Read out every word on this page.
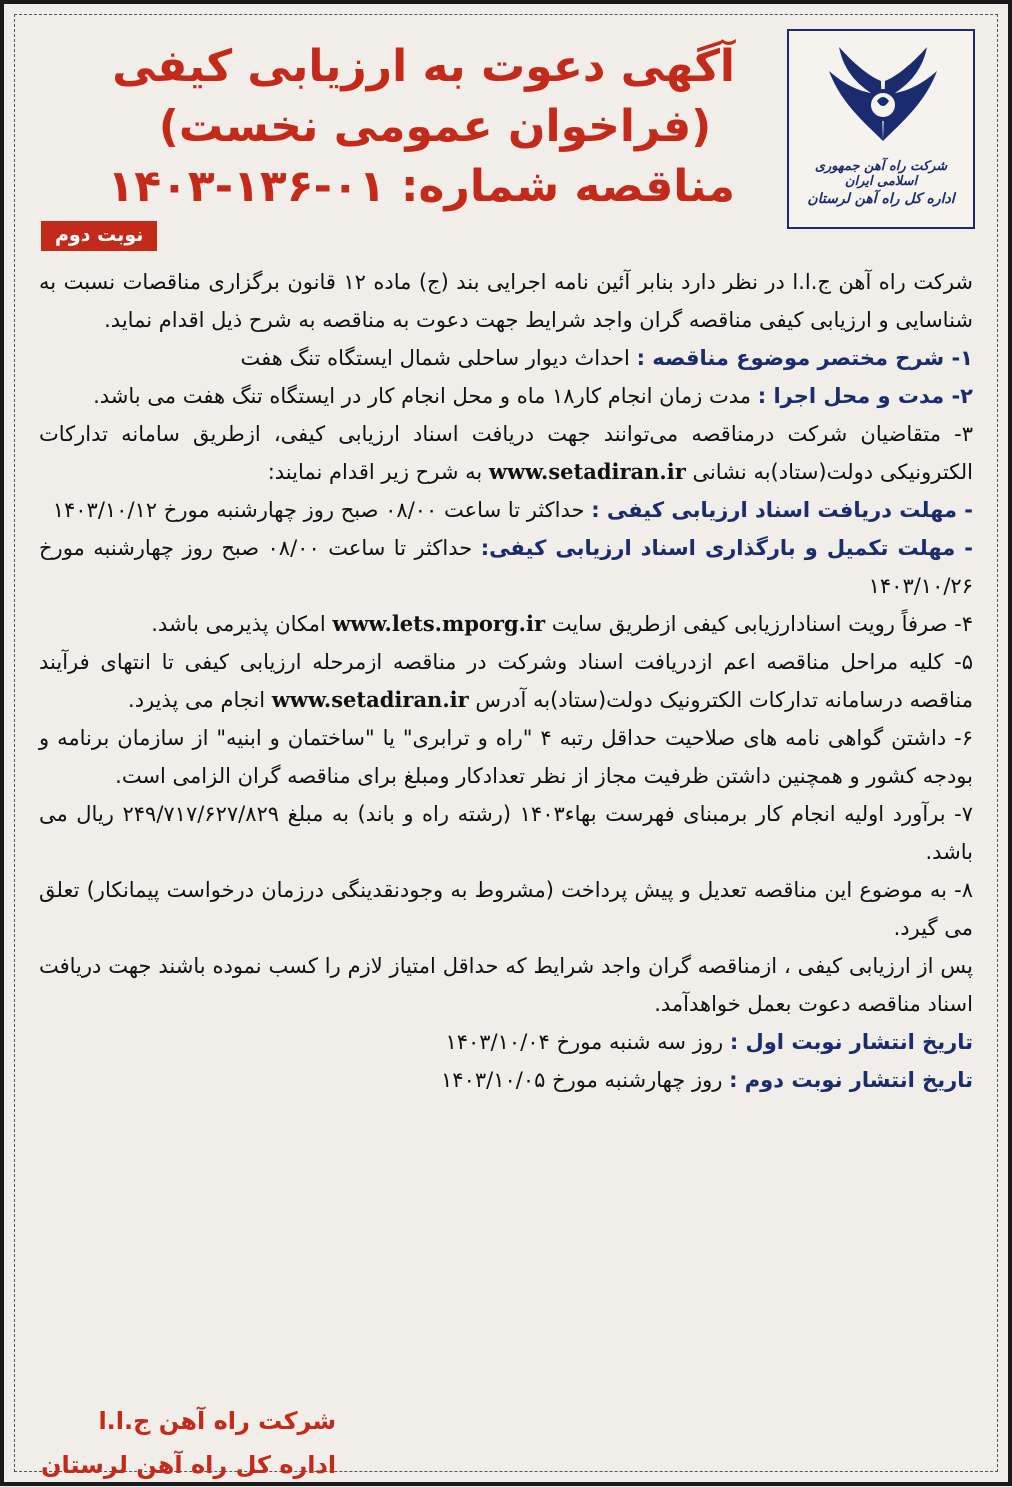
شرکت راه آهن جمهوری اسلامی ایران
اداره کل راه آهن لرستان
آگهی دعوت به ارزیابی کیفی
(فراخوان عمومی نخست)
مناقصه شماره: ۰۱-۱۳۶-۱۴۰۳
نوبت دوم

شرکت راه آهن ج.ا.ا در نظر دارد بنابر آئین نامه اجرایی بند (ج) ماده ۱۲ قانون برگزاری مناقصات نسبت به شناسایی و ارزیابی کیفی مناقصه گران واجد شرایط جهت دعوت به مناقصه به شرح ذیل اقدام نماید.

۱- شرح مختصر موضوع مناقصه : احداث دیوار ساحلی شمال ایستگاه تنگ هفت

۲- مدت و محل اجرا : مدت زمان انجام کار۱۸ ماه و محل انجام کار در ایستگاه تنگ هفت می باشد.

۳- متقاضیان شرکت درمناقصه می‌توانند جهت دریافت اسناد ارزیابی کیفی، ازطریق سامانه تدارکات الکترونیکی دولت(ستاد)به نشانی www.setadiran.ir به شرح زیر اقدام نمایند:

- مهلت دریافت اسناد ارزیابی کیفی : حداکثر تا ساعت ۰۸/۰۰ صبح روز چهارشنبه مورخ ۱۴۰۳/۱۰/۱۲

- مهلت تکمیل و بارگذاری اسناد ارزیابی کیفی: حداکثر تا ساعت ۰۸/۰۰ صبح روز چهارشنبه مورخ ۱۴۰۳/۱۰/۲۶

۴- صرفاً رویت اسنادارزیابی کیفی ازطریق سایت www.lets.mporg.ir امکان پذیرمی باشد.

۵- کلیه مراحل مناقصه اعم ازدریافت اسناد وشرکت در مناقصه ازمرحله ارزیابی کیفی تا انتهای فرآیند مناقصه درسامانه تدارکات الکترونیک دولت(ستاد)به آدرس www.setadiran.ir انجام می پذیرد.

۶- داشتن گواهی نامه های صلاحیت حداقل رتبه ۴ "راه و ترابری" یا "ساختمان و ابنیه" از سازمان برنامه و بودجه کشور و همچنین داشتن ظرفیت مجاز از نظر تعدادکار ومبلغ برای مناقصه گران الزامی است.

۷- برآورد اولیه انجام کار برمبنای فهرست بهاء۱۴۰۳ (رشته راه و باند) به مبلغ ۲۴۹/۷۱۷/۶۲۷/۸۲۹ ریال می باشد.

۸- به موضوع این مناقصه تعدیل و پیش پرداخت (مشروط به وجودنقدینگی درزمان درخواست پیمانکار) تعلق می گیرد.

پس از ارزیابی کیفی ، ازمناقصه گران واجد شرایط که حداقل امتیاز لازم را کسب نموده باشند جهت دریافت اسناد مناقصه دعوت بعمل خواهدآمد.

تاریخ انتشار نوبت اول : روز سه شنبه مورخ ۱۴۰۳/۱۰/۰۴

تاریخ انتشار نوبت دوم : روز چهارشنبه مورخ ۱۴۰۳/۱۰/۰۵

شرکت راه آهن ج.ا.ا
اداره کل راه آهن لرستان
